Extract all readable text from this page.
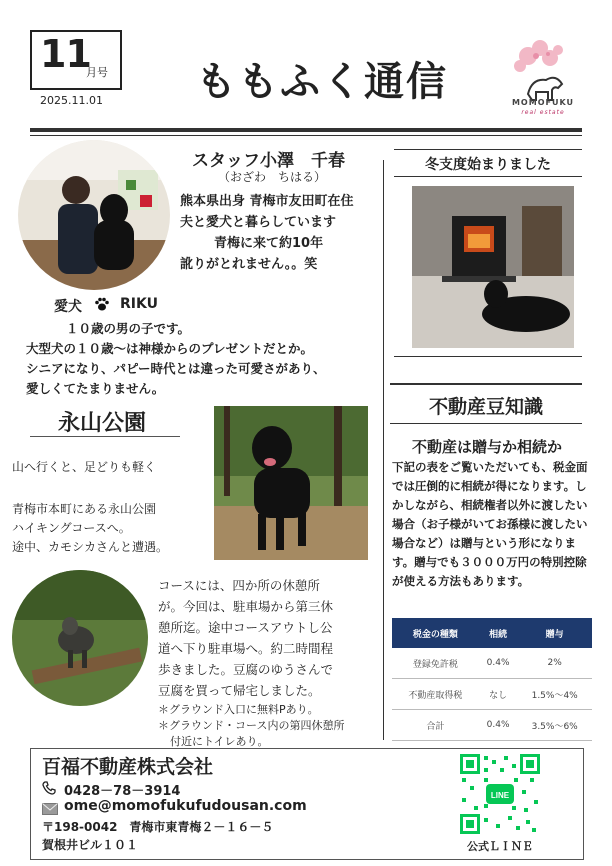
11
月号
2025.11.01 ももふく通信	MOMOFUKU
real estate
スタッフ小澤　千春
（おざわ　ちはる）
熊本県出身 青梅市友田町在住
夫と愛犬と暮らしています
青梅に来て約10年
訛りがとれません。。笑
愛犬	RIKU
１０歳の男の子です。
大型犬の１０歳～は神様からのプレゼントだとか。
シニアになり、パピー時代とは違った可愛さがあり、
愛しくてたまりません。
冬支度始まりました
不動産豆知識
不動産は贈与か相続か
下記の表をご覧いただいても、税金面では圧倒的に相続が得になります。しかしながら、相続権者以外に渡したい場合（お子様がいてお孫様に渡したい場合など）は贈与という形になります。贈与でも３０００万円の特別控除が使える方法もあります。
税金の種類	相続	贈与
登録免許税	0.4%	2%
不動産取得税	なし	1.5%～4%
合計	0.4%	3.5%～6%
永山公園
山へ行くと、足どりも軽く
青梅市本町にある永山公園
ハイキングコースへ。
途中、カモシカさんと遭遇。
コースには、四か所の休憩所
が。今回は、駐車場から第三休
憩所迄。途中コースアウトし公
道へ下り駐車場へ。約二時間程
歩きました。豆腐のゆうさんで
豆腐を買って帰宅しました。
＊グラウンド入口に無料Pあり。
＊グラウンド・コース内の第四休憩所
付近にトイレあり。
百福不動産株式会社
0428－78－3914
ome@momofukufudousan.com
〒198-0042　青梅市東青梅２－１６－５
賀根井ビル１０１
LINE
公式ＬＩＮＥ
